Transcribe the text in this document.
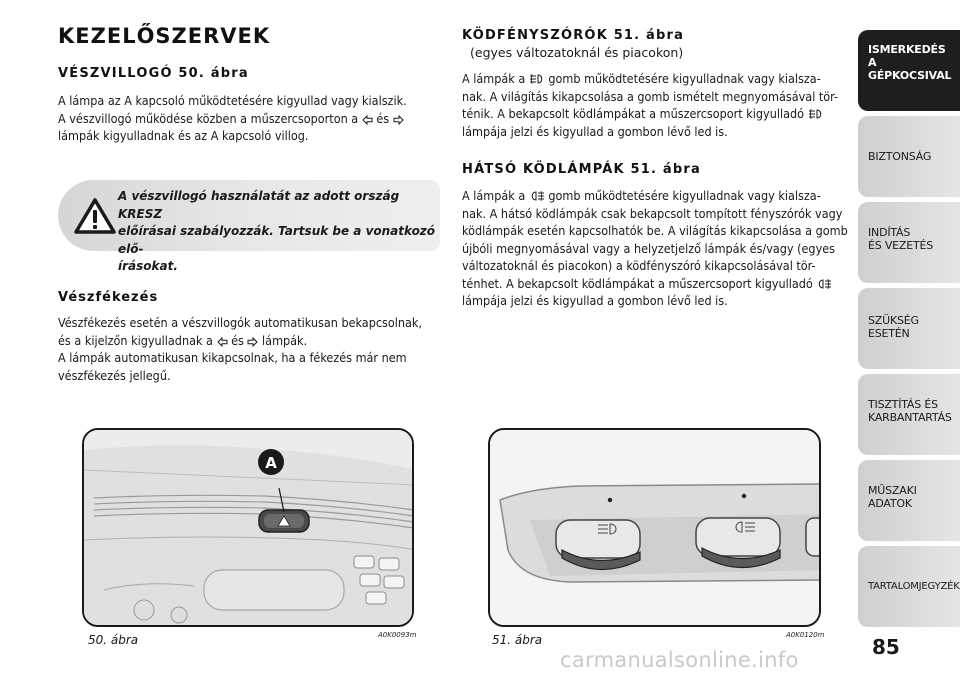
KEZELŐSZERVEK
VÉSZVILLOGÓ 50. ábra
A lámpa az A kapcsoló működtetésére kigyullad vagy kialszik.
A vészvillogó működése közben a műszercsoporton a és
lámpák kigyulladnak és az A kapcsoló villog.
A vészvillogó használatát az adott ország KRESZ
előírásai szabályozzák. Tartsuk be a vonatkozó elő-
írásokat.
Vészfékezés
Vészfékezés esetén a vészvillogók automatikusan bekapcsolnak,
és a kijelzőn kigyulladnak a és lámpák.
A lámpák automatikusan kikapcsolnak, ha a fékezés már nem
vészfékezés jellegű.
KÖDFÉNYSZÓRÓK 51. ábra
(egyes változatoknál és piacokon)
A lámpák a gomb működtetésére kigyulladnak vagy kialsza-
nak. A világítás kikapcsolása a gomb ismételt megnyomásával tör-
ténik. A bekapcsolt ködlámpákat a műszercsoport kigyulladó
lámpája jelzi és kigyullad a gombon lévő led is.
HÁTSÓ KÖDLÁMPÁK 51. ábra
A lámpák a gomb működtetésére kigyulladnak vagy kialsza-
nak. A hátsó ködlámpák csak bekapcsolt tompított fényszórók vagy
ködlámpák esetén kapcsolhatók be. A világítás kikapcsolása a gomb
újbóli megnyomásával vagy a helyzetjelző lámpák és/vagy (egyes
változatoknál és piacokon) a ködfényszóró kikapcsolásával tör-
ténhet. A bekapcsolt ködlámpákat a műszercsoport kigyulladó
lámpája jelzi és kigyullad a gombon lévő led is.
A
50. ábra	A0K0093m	51. ábra	A0K0120m
ISMERKEDÉS
A GÉPKOCSIVAL
BIZTONSÁG
INDÍTÁS
ÉS VEZETÉS
SZÜKSÉG
ESETÉN
TISZTÍTÁS ÉS
KARBANTARTÁS
MŰSZAKI
ADATOK
TARTALOMJEGYZÉK
85
carmanualsonline.info
